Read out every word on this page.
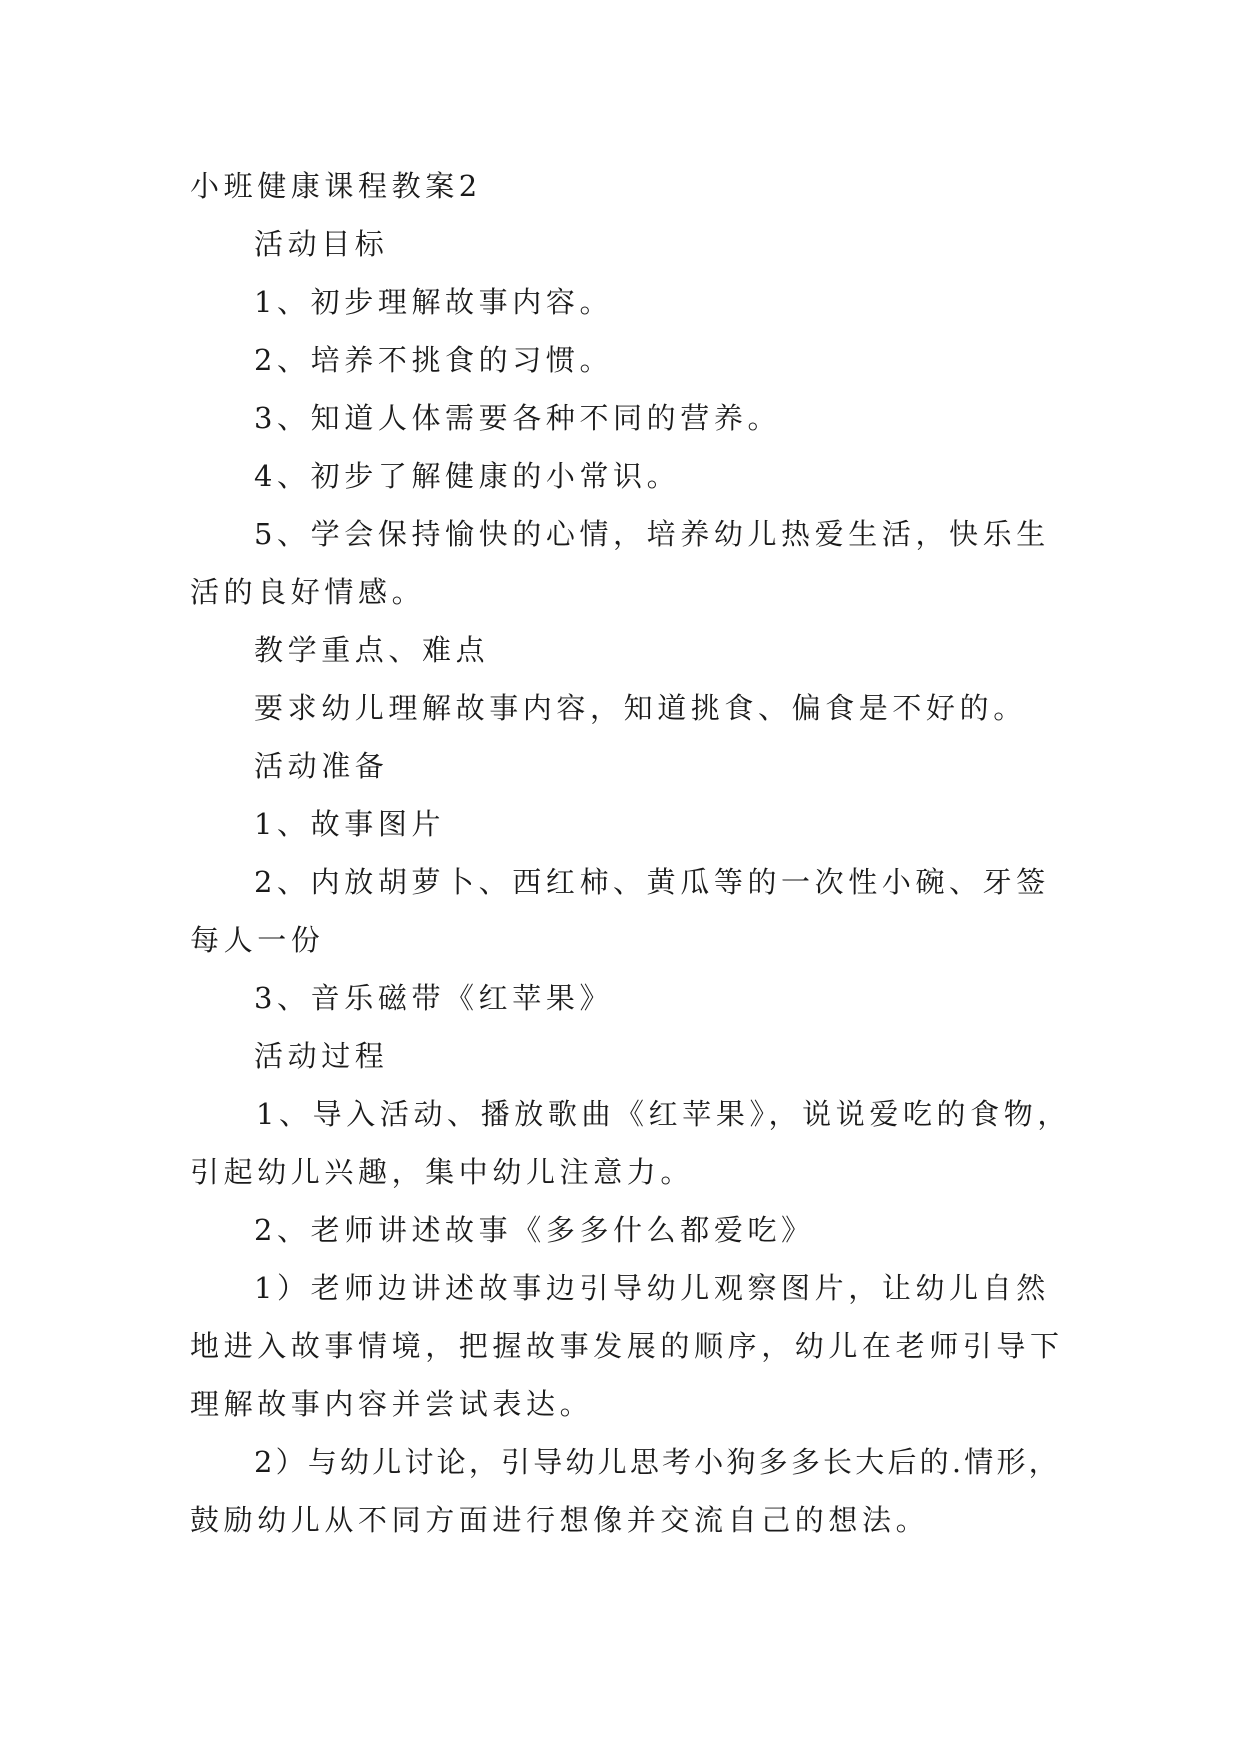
小班健康课程教案2

活动目标

1、初步理解故事内容。

2、培养不挑食的习惯。

3、知道人体需要各种不同的营养。

4、初步了解健康的小常识。

5、学会保持愉快的心情，培养幼儿热爱生活，快乐生

活的良好情感。

教学重点、难点

要求幼儿理解故事内容，知道挑食、偏食是不好的。

活动准备

1、故事图片

2、内放胡萝卜、西红柿、黄瓜等的一次性小碗、牙签

每人一份

3、音乐磁带《红苹果》

活动过程

1、导入活动、播放歌曲《红苹果》，说说爱吃的食物，

引起幼儿兴趣，集中幼儿注意力。

2、老师讲述故事《多多什么都爱吃》

1）老师边讲述故事边引导幼儿观察图片，让幼儿自然

地进入故事情境，把握故事发展的顺序，幼儿在老师引导下

理解故事内容并尝试表达。

2）与幼儿讨论，引导幼儿思考小狗多多长大后的.情形，

鼓励幼儿从不同方面进行想像并交流自己的想法。
